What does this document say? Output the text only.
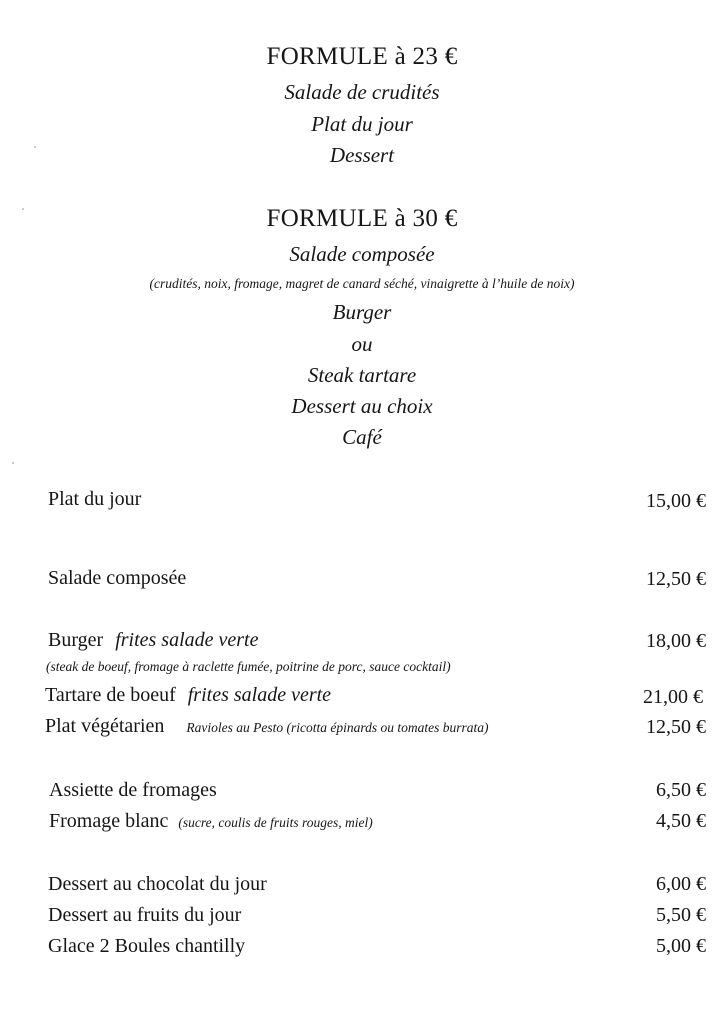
FORMULE à 23 €
Salade de crudités
Plat du jour
Dessert
FORMULE à 30 €
Salade composée
(crudités, noix, fromage, magret de canard séché, vinaigrette à l’huile de noix)
Burger
ou
Steak tartare
Dessert au choix
Café
Plat du jour	15,00 €
Salade composée	12,50 €
Burger frites salade verte	18,00 €
(steak de boeuf, fromage à raclette fumée, poitrine de porc, sauce cocktail)
Tartare de boeuf frites salade verte	21,00 €
Plat végétarien Ravioles au Pesto (ricotta épinards ou tomates burrata)	12,50 €
Assiette de fromages	6,50 €
Fromage blanc (sucre, coulis de fruits rouges, miel)	4,50 €
Dessert au chocolat du jour	6,00 €
Dessert au fruits du jour	5,50 €
Glace 2 Boules chantilly	5,00 €
